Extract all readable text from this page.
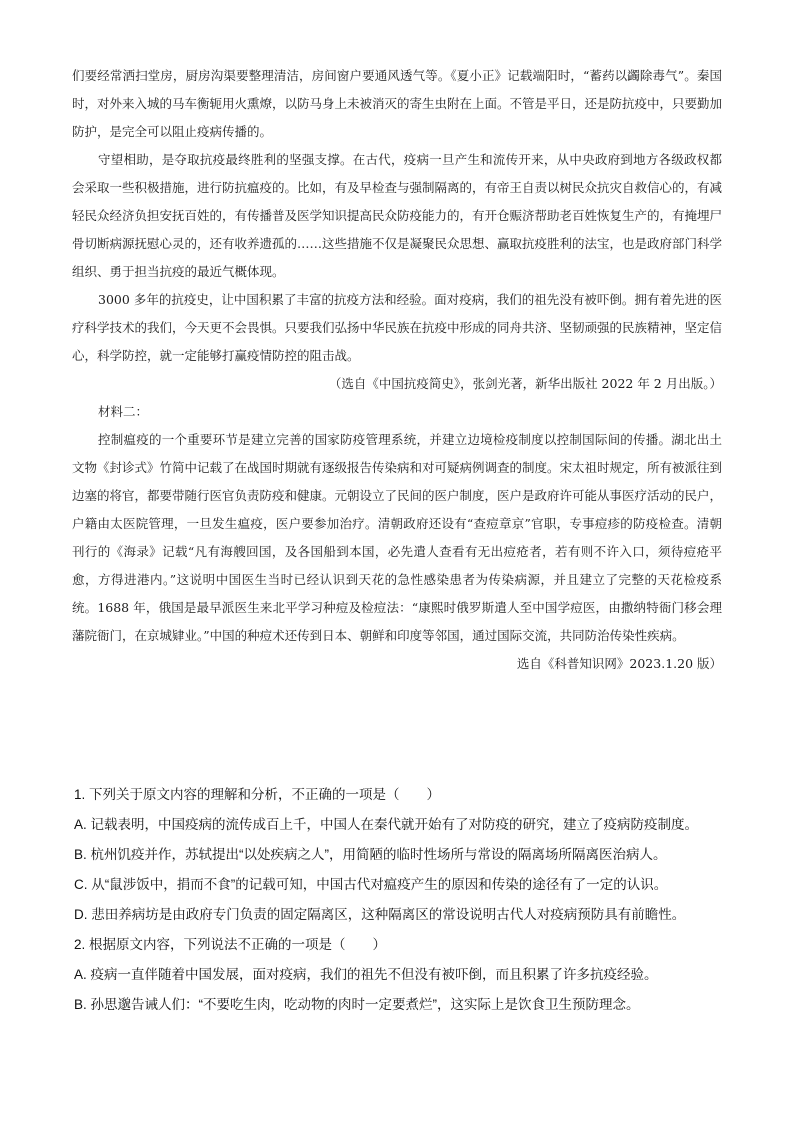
们要经常洒扫堂房，厨房沟渠要整理清洁，房间窗户要通风透气等。《夏小正》记载端阳时，“蓄药以蠲除毒气”。秦国时，对外来入城的马车衡轭用火熏燎，以防马身上未被消灭的寄生虫附在上面。不管是平日，还是防抗疫中，只要勤加防护，是完全可以阻止疫病传播的。

守望相助，是夺取抗疫最终胜利的坚强支撑。在古代，疫病一旦产生和流传开来，从中央政府到地方各级政权都会采取一些积极措施，进行防抗瘟疫的。比如，有及早检查与强制隔离的，有帝王自责以树民众抗灾自救信心的，有减轻民众经济负担安抚百姓的，有传播普及医学知识提高民众防疫能力的，有开仓赈济帮助老百姓恢复生产的，有掩埋尸骨切断病源抚慰心灵的，还有收养遗孤的……这些措施不仅是凝聚民众思想、赢取抗疫胜利的法宝，也是政府部门科学组织、勇于担当抗疫的最近气概体现。

3000 多年的抗疫史，让中国积累了丰富的抗疫方法和经验。面对疫病，我们的祖先没有被吓倒。拥有着先进的医疗科学技术的我们，今天更不会畏惧。只要我们弘扬中华民族在抗疫中形成的同舟共济、坚韧顽强的民族精神，坚定信心，科学防控，就一定能够打赢疫情防控的阻击战。

（选自《中国抗疫简史》，张剑光著，新华出版社 2022 年 2 月出版。）

材料二：

控制瘟疫的一个重要环节是建立完善的国家防疫管理系统，并建立边境检疫制度以控制国际间的传播。湖北出土文物《封诊式》竹简中记载了在战国时期就有逐级报告传染病和对可疑病例调查的制度。宋太祖时规定，所有被派往到边塞的将官，都要带随行医官负责防疫和健康。元朝设立了民间的医户制度，医户是政府许可能从事医疗活动的民户，户籍由太医院管理，一旦发生瘟疫，医户要参加治疗。清朝政府还设有“查痘章京”官职，专事痘疹的防疫检查。清朝刊行的《海录》记载“凡有海艘回国，及各国船到本国，必先遣人查看有无出痘疮者，若有则不许入口，须待痘疮平愈，方得进港内。”这说明中国医生当时已经认识到天花的急性感染患者为传染病源，并且建立了完整的天花检疫系统。1688 年，俄国是最早派医生来北平学习种痘及检痘法：“康熙时俄罗斯遣人至中国学痘医，由撒纳特衙门移会理藩院衙门，在京城肄业。”中国的种痘术还传到日本、朝鲜和印度等邻国，通过国际交流，共同防治传染性疾病。

选自《科普知识网》2023.1.20 版）

1. 下列关于原文内容的理解和分析，不正确的一项是（　　）

A. 记载表明，中国疫病的流传成百上千，中国人在秦代就开始有了对防疫的研究，建立了疫病防疫制度。

B. 杭州饥疫并作，苏轼提出“以处疾病之人”，用简陋的临时性场所与常设的隔离场所隔离医治病人。

C. 从“鼠涉饭中，捐而不食”的记载可知，中国古代对瘟疫产生的原因和传染的途径有了一定的认识。

D. 悲田养病坊是由政府专门负责的固定隔离区，这种隔离区的常设说明古代人对疫病预防具有前瞻性。

2. 根据原文内容，下列说法不正确的一项是（　　）

A. 疫病一直伴随着中国发展，面对疫病，我们的祖先不但没有被吓倒，而且积累了许多抗疫经验。

B. 孙思邈告诫人们：“不要吃生肉，吃动物的肉时一定要煮烂”，这实际上是饮食卫生预防理念。
